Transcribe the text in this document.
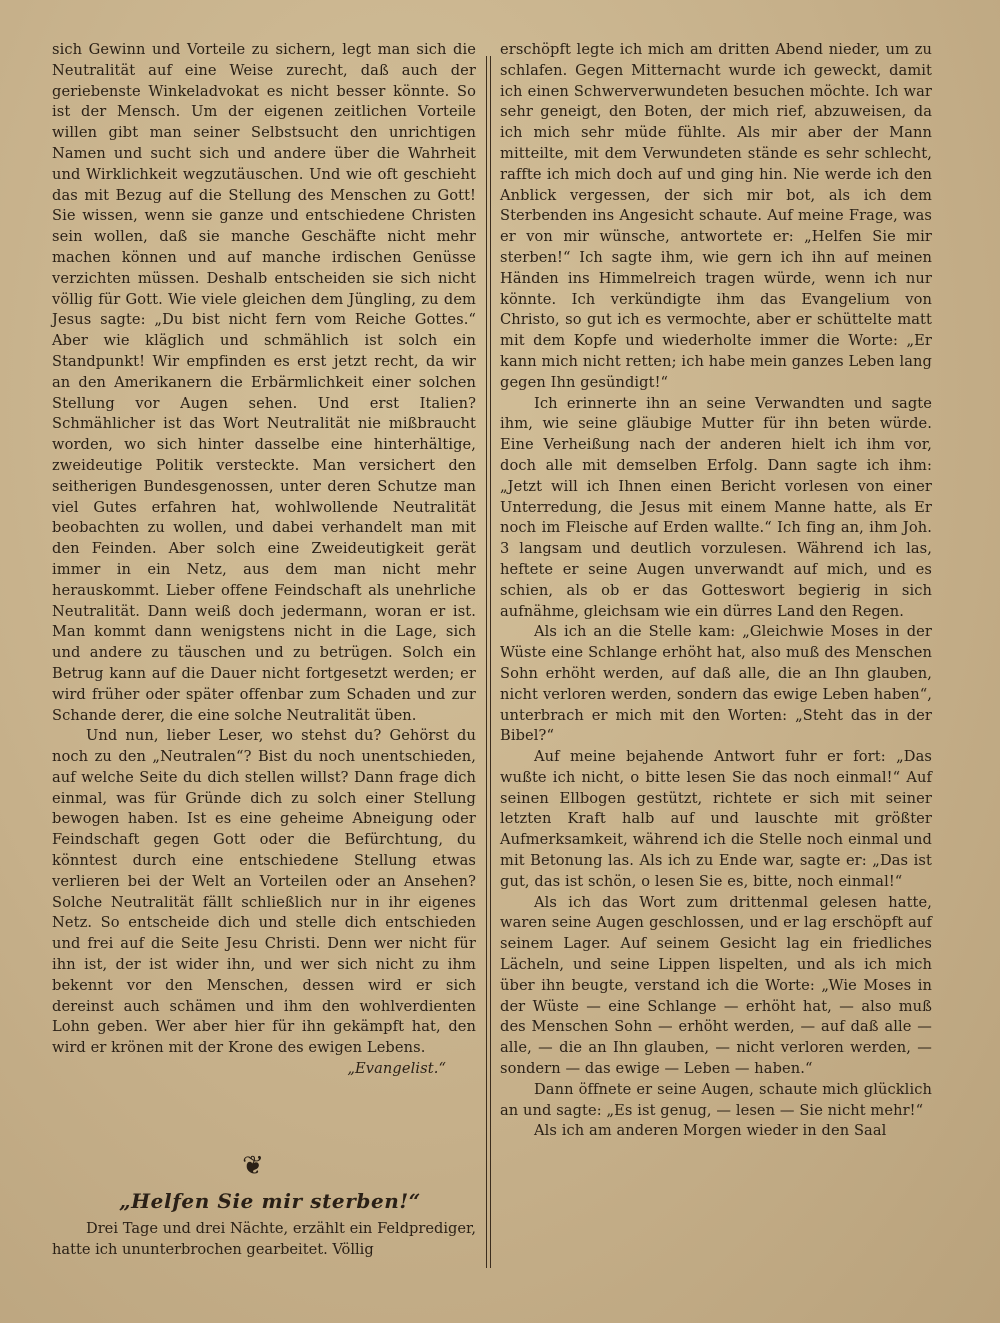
sich Gewinn und Vorteile zu sichern, legt man sich die Neutralität auf eine Weise zurecht, daß auch der geriebenste Winkeladvokat es nicht besser könnte. So ist der Mensch. Um der eigenen zeitlichen Vorteile willen gibt man seiner Selbstsucht den unrichtigen Namen und sucht sich und andere über die Wahrheit und Wirklichkeit wegzutäuschen. Und wie oft geschieht das mit Bezug auf die Stellung des Menschen zu Gott! Sie wissen, wenn sie ganze und entschiedene Christen sein wollen, daß sie manche Geschäfte nicht mehr machen können und auf manche irdischen Genüsse verzichten müssen. Deshalb entscheiden sie sich nicht völlig für Gott. Wie viele gleichen dem Jüngling, zu dem Jesus sagte: „Du bist nicht fern vom Reiche Gottes.“ Aber wie kläglich und schmählich ist solch ein Standpunkt! Wir empfinden es erst jetzt recht, da wir an den Amerikanern die Erbärmlichkeit einer solchen Stellung vor Augen sehen. Und erst Italien? Schmählicher ist das Wort Neutralität nie mißbraucht worden, wo sich hinter dasselbe eine hinterhältige, zweideutige Politik versteckte. Man versichert den seitherigen Bundesgenossen, unter deren Schutze man viel Gutes erfahren hat, wohlwollende Neutralität beobachten zu wollen, und dabei verhandelt man mit den Feinden. Aber solch eine Zweideutigkeit gerät immer in ein Netz, aus dem man nicht mehr herauskommt. Lieber offene Feindschaft als unehrliche Neutralität. Dann weiß doch jedermann, woran er ist. Man kommt dann wenigstens nicht in die Lage, sich und andere zu täuschen und zu betrügen. Solch ein Betrug kann auf die Dauer nicht fortgesetzt werden; er wird früher oder später offenbar zum Schaden und zur Schande derer, die eine solche Neutralität üben.

Und nun, lieber Leser, wo stehst du? Gehörst du noch zu den „Neutralen“? Bist du noch unentschieden, auf welche Seite du dich stellen willst? Dann frage dich einmal, was für Gründe dich zu solch einer Stellung bewogen haben. Ist es eine geheime Abneigung oder Feindschaft gegen Gott oder die Befürchtung, du könntest durch eine entschiedene Stellung etwas verlieren bei der Welt an Vorteilen oder an Ansehen? Solche Neutralität fällt schließlich nur in ihr eigenes Netz. So entscheide dich und stelle dich entschieden und frei auf die Seite Jesu Christi. Denn wer nicht für ihn ist, der ist wider ihn, und wer sich nicht zu ihm bekennt vor den Menschen, dessen wird er sich dereinst auch schämen und ihm den wohlverdienten Lohn geben. Wer aber hier für ihn gekämpft hat, den wird er krönen mit der Krone des ewigen Lebens.

„Evangelist.“

❦
„Helfen Sie mir sterben!“

Drei Tage und drei Nächte, erzählt ein Feldprediger, hatte ich ununterbrochen gearbeitet. Völlig

erschöpft legte ich mich am dritten Abend nieder, um zu schlafen. Gegen Mitternacht wurde ich geweckt, damit ich einen Schwerverwundeten besuchen möchte. Ich war sehr geneigt, den Boten, der mich rief, abzuweisen, da ich mich sehr müde fühlte. Als mir aber der Mann mitteilte, mit dem Verwundeten stände es sehr schlecht, raffte ich mich doch auf und ging hin. Nie werde ich den Anblick vergessen, der sich mir bot, als ich dem Sterbenden ins Angesicht schaute. Auf meine Frage, was er von mir wünsche, antwortete er: „Helfen Sie mir sterben!“ Ich sagte ihm, wie gern ich ihn auf meinen Händen ins Himmelreich tragen würde, wenn ich nur könnte. Ich verkündigte ihm das Evangelium von Christo, so gut ich es vermochte, aber er schüttelte matt mit dem Kopfe und wiederholte immer die Worte: „Er kann mich nicht retten; ich habe mein ganzes Leben lang gegen Ihn gesündigt!“

Ich erinnerte ihn an seine Verwandten und sagte ihm, wie seine gläubige Mutter für ihn beten würde. Eine Verheißung nach der anderen hielt ich ihm vor, doch alle mit demselben Erfolg. Dann sagte ich ihm: „Jetzt will ich Ihnen einen Bericht vorlesen von einer Unterredung, die Jesus mit einem Manne hatte, als Er noch im Fleische auf Erden wallte.“ Ich fing an, ihm Joh. 3 langsam und deutlich vorzulesen. Während ich las, heftete er seine Augen unverwandt auf mich, und es schien, als ob er das Gotteswort begierig in sich aufnähme, gleichsam wie ein dürres Land den Regen.

Als ich an die Stelle kam: „Gleichwie Moses in der Wüste eine Schlange erhöht hat, also muß des Menschen Sohn erhöht werden, auf daß alle, die an Ihn glauben, nicht verloren werden, sondern das ewige Leben haben“, unterbrach er mich mit den Worten: „Steht das in der Bibel?“

Auf meine bejahende Antwort fuhr er fort: „Das wußte ich nicht, o bitte lesen Sie das noch einmal!“ Auf seinen Ellbogen gestützt, richtete er sich mit seiner letzten Kraft halb auf und lauschte mit größter Aufmerksamkeit, während ich die Stelle noch einmal und mit Betonung las. Als ich zu Ende war, sagte er: „Das ist gut, das ist schön, o lesen Sie es, bitte, noch einmal!“

Als ich das Wort zum drittenmal gelesen hatte, waren seine Augen geschlossen, und er lag erschöpft auf seinem Lager. Auf seinem Gesicht lag ein friedliches Lächeln, und seine Lippen lispelten, und als ich mich über ihn beugte, verstand ich die Worte: „Wie Moses in der Wüste — eine Schlange — erhöht hat, — also muß des Menschen Sohn — erhöht werden, — auf daß alle — alle, — die an Ihn glauben, — nicht verloren werden, — sondern — das ewige — Leben — haben.“

Dann öffnete er seine Augen, schaute mich glücklich an und sagte: „Es ist genug, — lesen — Sie nicht mehr!“

Als ich am anderen Morgen wieder in den Saal
